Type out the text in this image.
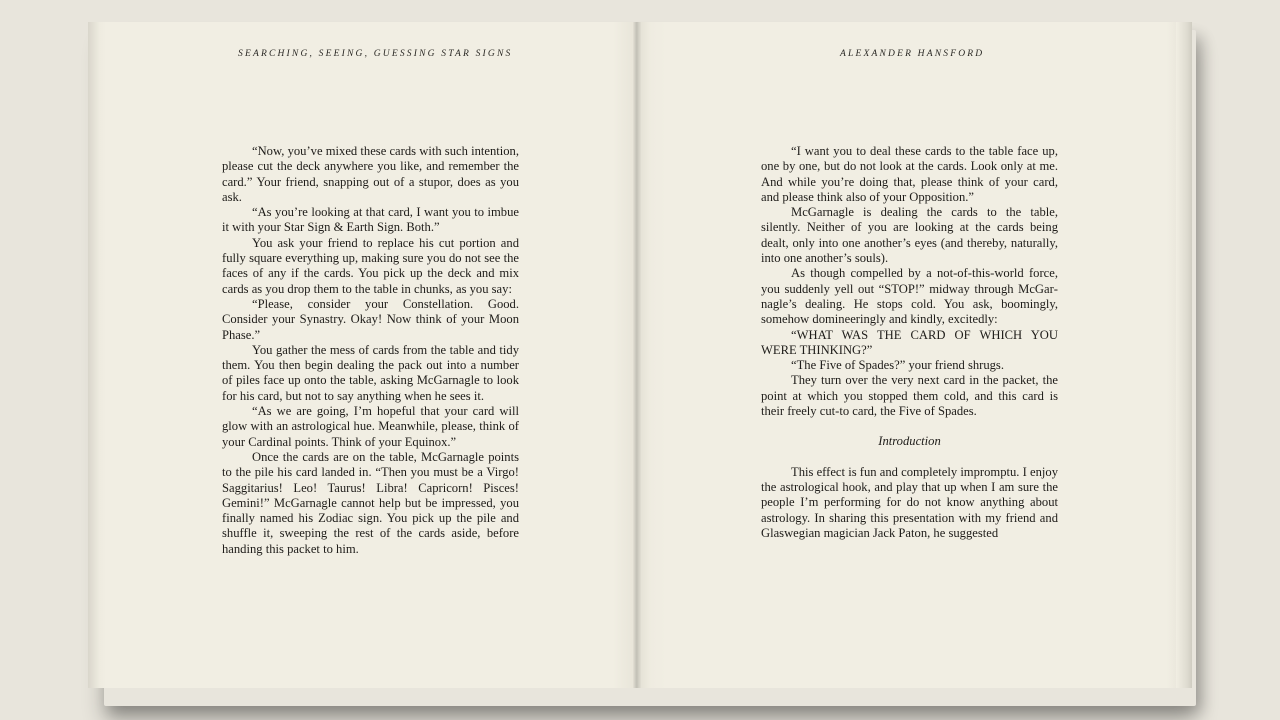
SEARCHING, SEEING, GUESSING STAR SIGNS	ALEXANDER HANSFORD

“Now, you’ve mixed these cards with such intention, please cut the deck anywhere you like, and remember the card.” Your friend, snapping out of a stupor, does as you ask.

“As you’re looking at that card, I want you to imbue it with your Star Sign & Earth Sign. Both.”

You ask your friend to replace his cut portion and fully square everything up, making sure you do not see the faces of any if the cards. You pick up the deck and mix cards as you drop them to the table in chunks, as you say:

“Please, consider your Constellation. Good. Consider your Synastry. Okay! Now think of your Moon Phase.”

You gather the mess of cards from the table and tidy them. You then begin dealing the pack out into a number of piles face up onto the table, asking McGarnagle to look for his card, but not to say anything when he sees it.

“As we are going, I’m hopeful that your card will glow with an astrological hue. Meanwhile, please, think of your Cardinal points. Think of your Equinox.”

Once the cards are on the table, McGarnagle points to the pile his card landed in. “Then you must be a Virgo! Saggitarius! Leo! Taurus! Libra! Capricorn! Pisces! Gemini!” McGarnagle cannot help but be impressed, you finally named his Zodiac sign. You pick up the pile and shuffle it, sweeping the rest of the cards aside, before handing this packet to him.

“I want you to deal these cards to the table face up, one by one, but do not look at the cards. Look only at me. And while you’re doing that, please think of your card, and please think also of your Opposition.”

McGarnagle is dealing the cards to the table, silently. Neither of you are looking at the cards being dealt, only into one another’s eyes (and thereby, naturally, into one another’s souls).

As though compelled by a not-of-this-world force, you suddenly yell out “STOP!” midway through McGarnagle’s dealing. He stops cold. You ask, boomingly, somehow domineeringly and kindly, excitedly:

“WHAT WAS THE CARD OF WHICH YOU WERE THINKING?”

“The Five of Spades?” your friend shrugs.

They turn over the very next card in the packet, the point at which you stopped them cold, and this card is their freely cut-to card, the Five of Spades.

Introduction

This effect is fun and completely impromptu. I enjoy the astrological hook, and play that up when I am sure the people I’m performing for do not know anything about astrology. In sharing this presentation with my friend and Glaswegian magician Jack Paton, he suggested
